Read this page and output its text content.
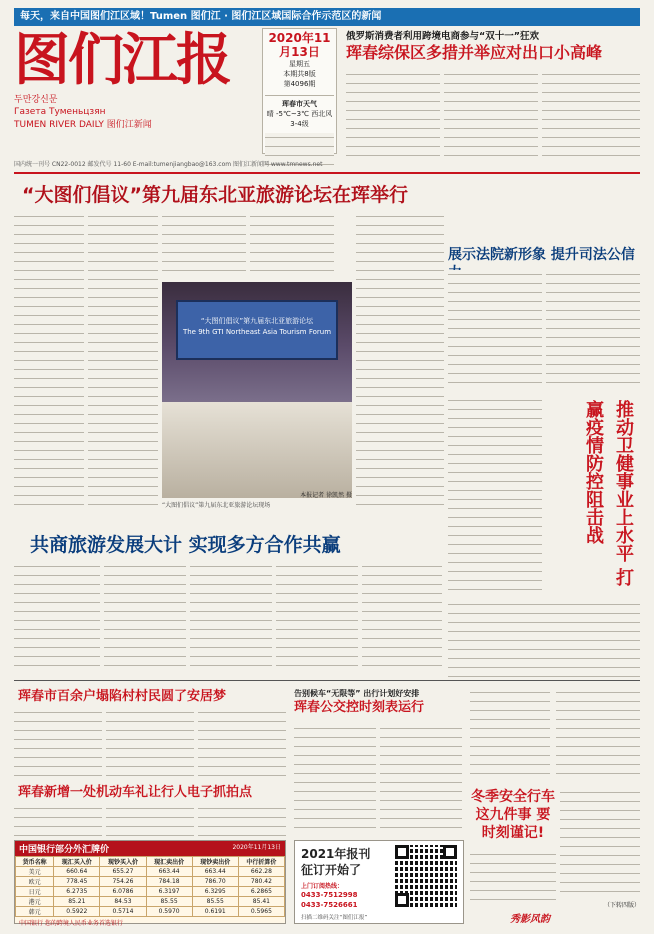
每天，来自中国图们江区域！Tumen 图们江 · 图们江区域国际合作示范区的新闻
图们江报
두만강신문
Газета Туменьцзян
TUMEN RIVER DAILY 图们江新闻
2020年11月13日
星期五
本期共8版
第4096期
珲春市天气
晴 -5℃~3℃ 西北风3-4级
国内统一刊号 CN22-0012 邮发代号 11-60 E-mail:tumenjiangbao@163.com 图们江新闻网 www.tmnews.net
俄罗斯消费者利用跨境电商参与“双十一”狂欢
珲春综保区多措并举应对出口小高峰
“大图们倡议”第九届东北亚旅游论坛在珲举行
“大图们倡议”第九届东北亚旅游论坛
The 9th GTI Northeast Asia Tourism Forum
“大图们倡议”第九届东北亚旅游论坛现场
本报记者 徐凯然 摄
展示法院新形象 提升司法公信
推动卫健事业上水平 打赢疫情防控阻击战
共商旅游发展大计 实现多方合作共赢
珲春市百余户塌陷村村民圆了安居梦
珲春新增一处机动车礼让行人电子抓拍点
中国银行部分外汇牌价	2020年11月13日
货币名称	现汇买入价	现钞买入价	现汇卖出价	现钞卖出价	中行折算价
美元	660.64	655.27	663.44	663.44	662.28
欧元	778.45	754.26	784.18	786.70	780.42
日元	6.2735	6.0786	6.3197	6.3295	6.2865
港元	85.21	84.53	85.55	85.55	85.41
韩元	0.5922	0.5714	0.5970	0.6191	0.5965
中国银行 您的跨境人民币业务首选银行
告别候车“无限等” 出行计划好安排
珲春公交控时刻表运行
2021年报刊
征订开始了
上门订阅热线：
0433-7512998
0433-7526661
扫描二维码关注“图们江报”
冬季安全行车 这九件事 要时刻谨记!
（下转四版）
秀影风韵
